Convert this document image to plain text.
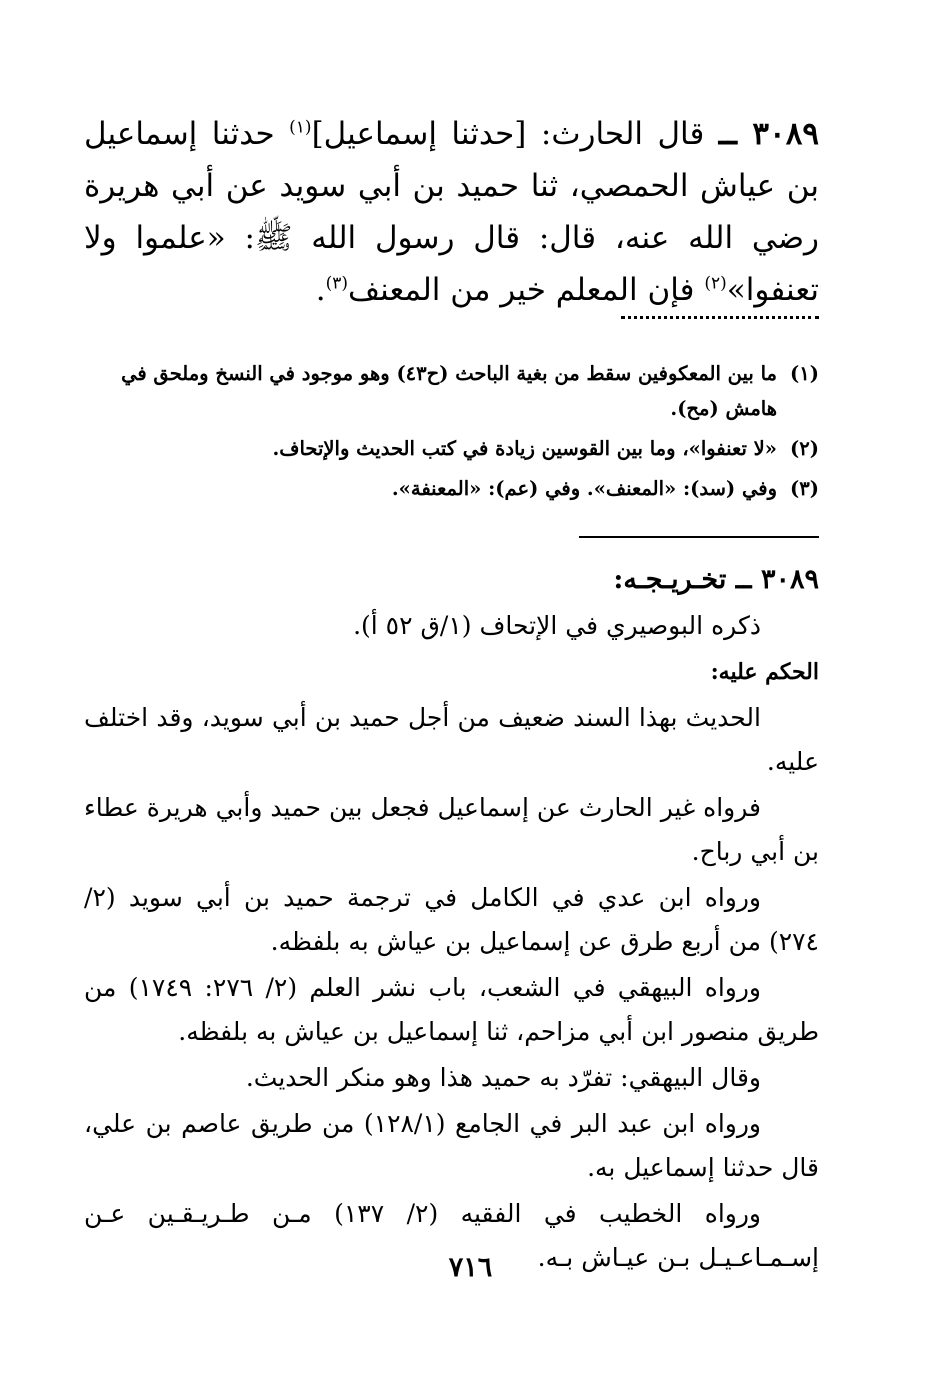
٣٠٨٩ ــ قال الحارث: [حدثنا إسماعيل]$^{(١)}$ حدثنا إسماعيل بن عياش الحمصي، ثنا حميد بن أبي سويد عن أبي هريرة رضي الله عنه، قال: قال رسول الله ﷺ: «علموا ولا تعنفوا»$^{(٢)}$ فإن المعلم خير من المعنف$^{(٣)}$.
(١)
ما بين المعكوفين سقط من بغية الباحث (ح٤٣) وهو موجود في النسخ وملحق في هامش (مح).
(٢)
«لا تعنفوا»، وما بين القوسين زيادة في كتب الحديث والإتحاف.
(٣)
وفي (سد): «المعنف». وفي (عم): «المعنفة».

٣٠٨٩ ــ تخـريـجـه:

ذكره البوصيري في الإتحاف (١/ق ٥٢ أ).

الحكم عليه:

الحديث بهذا السند ضعيف من أجل حميد بن أبي سويد، وقد اختلف عليه.

فرواه غير الحارث عن إسماعيل فجعل بين حميد وأبي هريرة عطاء بن أبي رباح.

ورواه ابن عدي في الكامل في ترجمة حميد بن أبي سويد (٢/ ٢٧٤) من أربع طرق عن إسماعيل بن عياش به بلفظه.

ورواه البيهقي في الشعب، باب نشر العلم (٢/ ٢٧٦: ١٧٤٩) من طريق منصور ابن أبي مزاحم، ثنا إسماعيل بن عياش به بلفظه.

وقال البيهقي: تفرّد به حميد هذا وهو منكر الحديث.

ورواه ابن عبد البر في الجامع (١٢٨/١) من طريق عاصم بن علي، قال حدثنا إسماعيل به.

ورواه الخطيب في الفقيه (٢/ ١٣٧) مـن طـريـقـين عـن إسـمـاعـيـل بـن عيـاش بـه.

٧١٦
